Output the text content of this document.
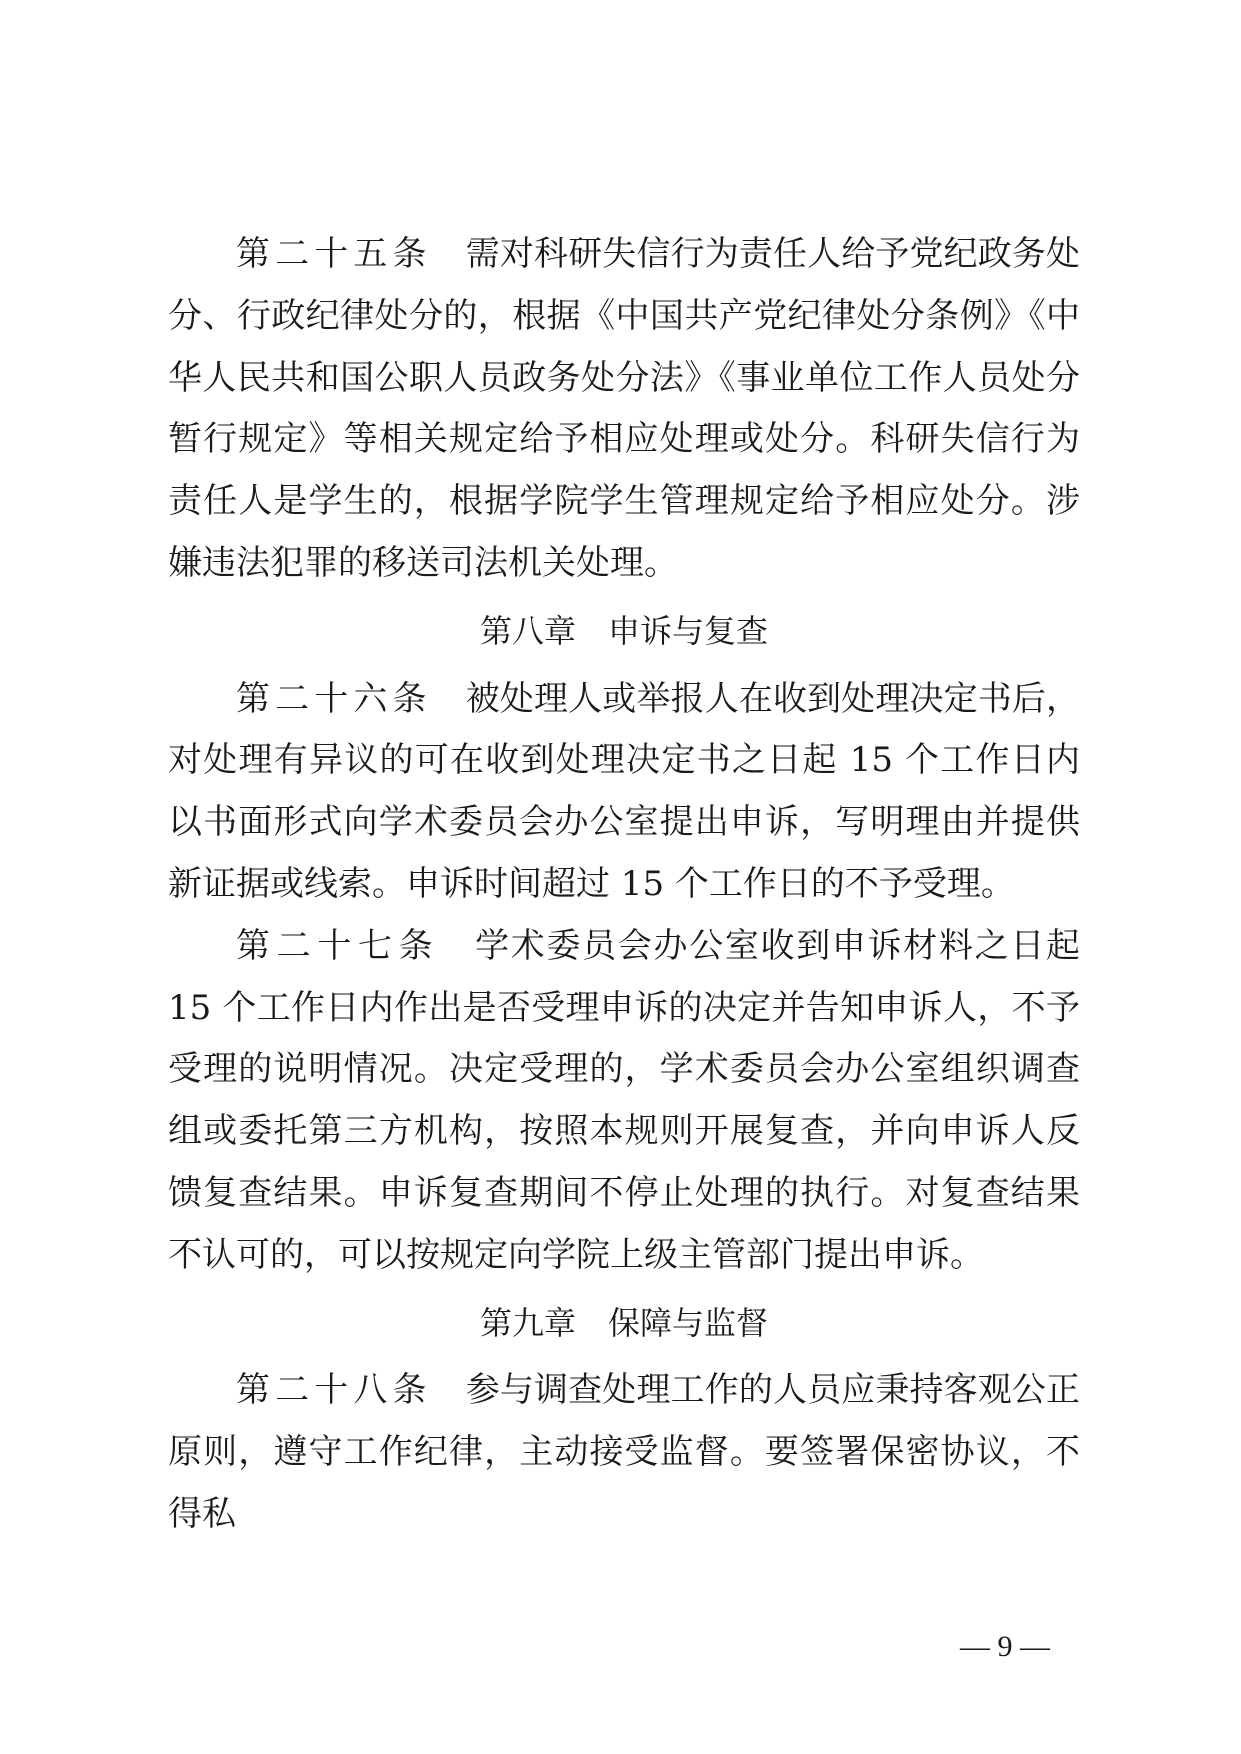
第二十五条 需对科研失信行为责任人给予党纪政务处分、行政纪律处分的，根据《中国共产党纪律处分条例》《中华人民共和国公职人员政务处分法》《事业单位工作人员处分暂行规定》等相关规定给予相应处理或处分。科研失信行为责任人是学生的，根据学院学生管理规定给予相应处分。涉嫌违法犯罪的移送司法机关处理。

第八章 申诉与复查

第二十六条 被处理人或举报人在收到处理决定书后，对处理有异议的可在收到处理决定书之日起 15 个工作日内以书面形式向学术委员会办公室提出申诉，写明理由并提供新证据或线索。申诉时间超过 15 个工作日的不予受理。

第二十七条 学术委员会办公室收到申诉材料之日起 15 个工作日内作出是否受理申诉的决定并告知申诉人，不予受理的说明情况。决定受理的，学术委员会办公室组织调查组或委托第三方机构，按照本规则开展复查，并向申诉人反馈复查结果。申诉复查期间不停止处理的执行。对复查结果不认可的，可以按规定向学院上级主管部门提出申诉。

第九章 保障与监督

第二十八条 参与调查处理工作的人员应秉持客观公正原则，遵守工作纪律，主动接受监督。要签署保密协议，不得私

— 9 —
